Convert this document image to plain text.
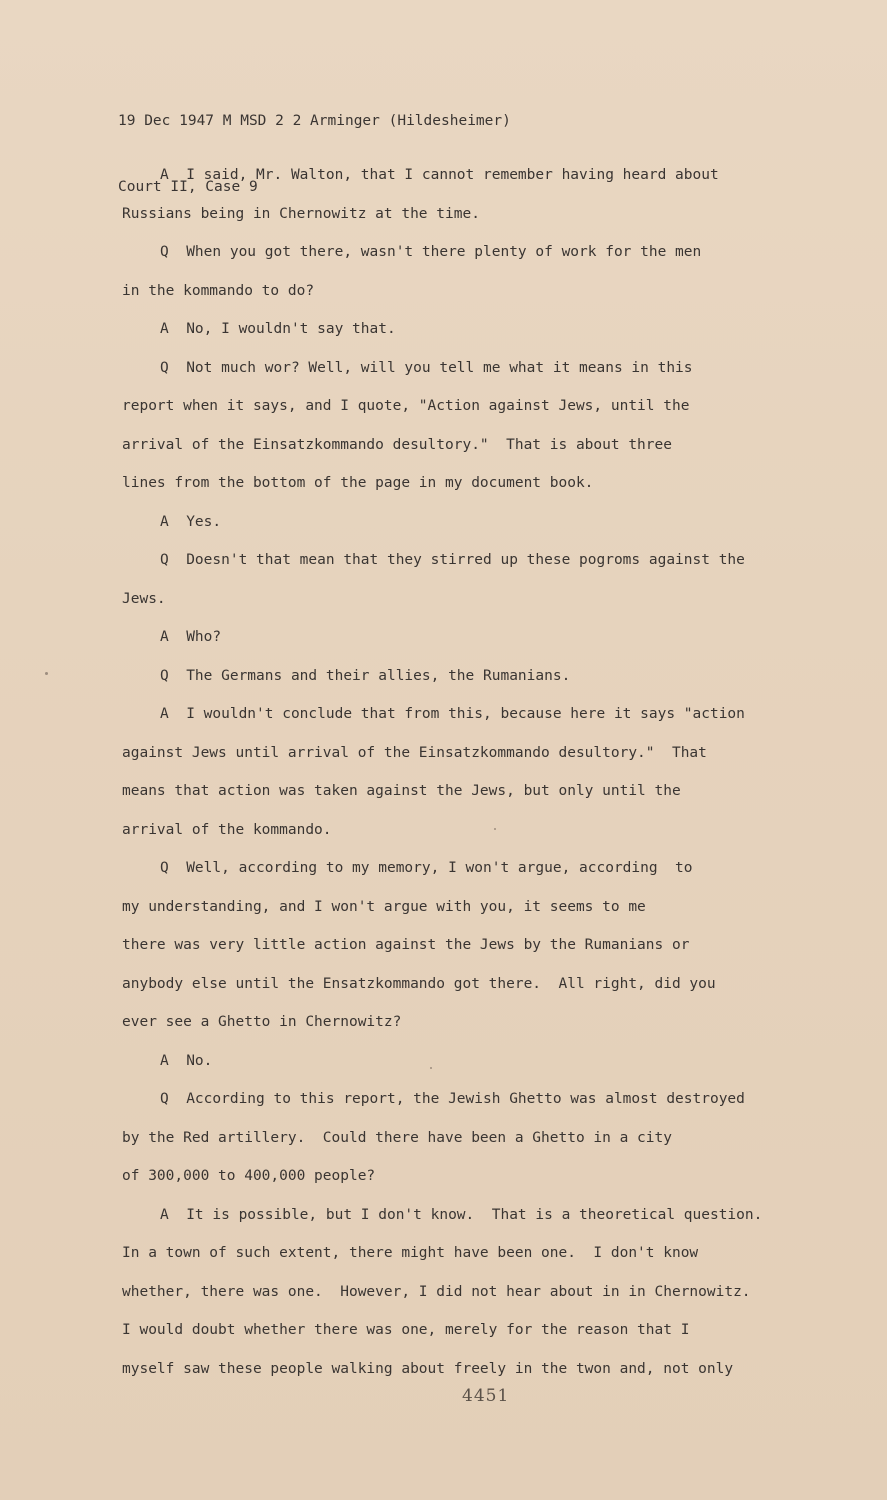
19 Dec 1947 M MSD 2 2 Arminger (Hildesheimer)

Court II, Case 9

A  I said, Mr. Walton, that I cannot remember having heard about
Russians being in Chernowitz at the time.
Q  When you got there, wasn't there plenty of work for the men
in the kommando to do?
A  No, I wouldn't say that.
Q  Not much wor? Well, will you tell me what it means in this
report when it says, and I quote, "Action against Jews, until the
arrival of the Einsatzkommando desultory."  That is about three
lines from the bottom of the page in my document book.
A  Yes.
Q  Doesn't that mean that they stirred up these pogroms against the
Jews.
A  Who?
Q  The Germans and their allies, the Rumanians.
A  I wouldn't conclude that from this, because here it says "action
against Jews until arrival of the Einsatzkommando desultory."  That
means that action was taken against the Jews, but only until the
arrival of the kommando.
Q  Well, according to my memory, I won't argue, according  to
my understanding, and I won't argue with you, it seems to me
there was very little action against the Jews by the Rumanians or
anybody else until the Ensatzkommando got there.  All right, did you
ever see a Ghetto in Chernowitz?
A  No.
Q  According to this report, the Jewish Ghetto was almost destroyed
by the Red artillery.  Could there have been a Ghetto in a city
of 300,000 to 400,000 people?
A  It is possible, but I don't know.  That is a theoretical question.
In a town of such extent, there might have been one.  I don't know
whether, there was one.  However, I did not hear about in in Chernowitz.
I would doubt whether there was one, merely for the reason that I
myself saw these people walking about freely in the twon and, not only
4451
